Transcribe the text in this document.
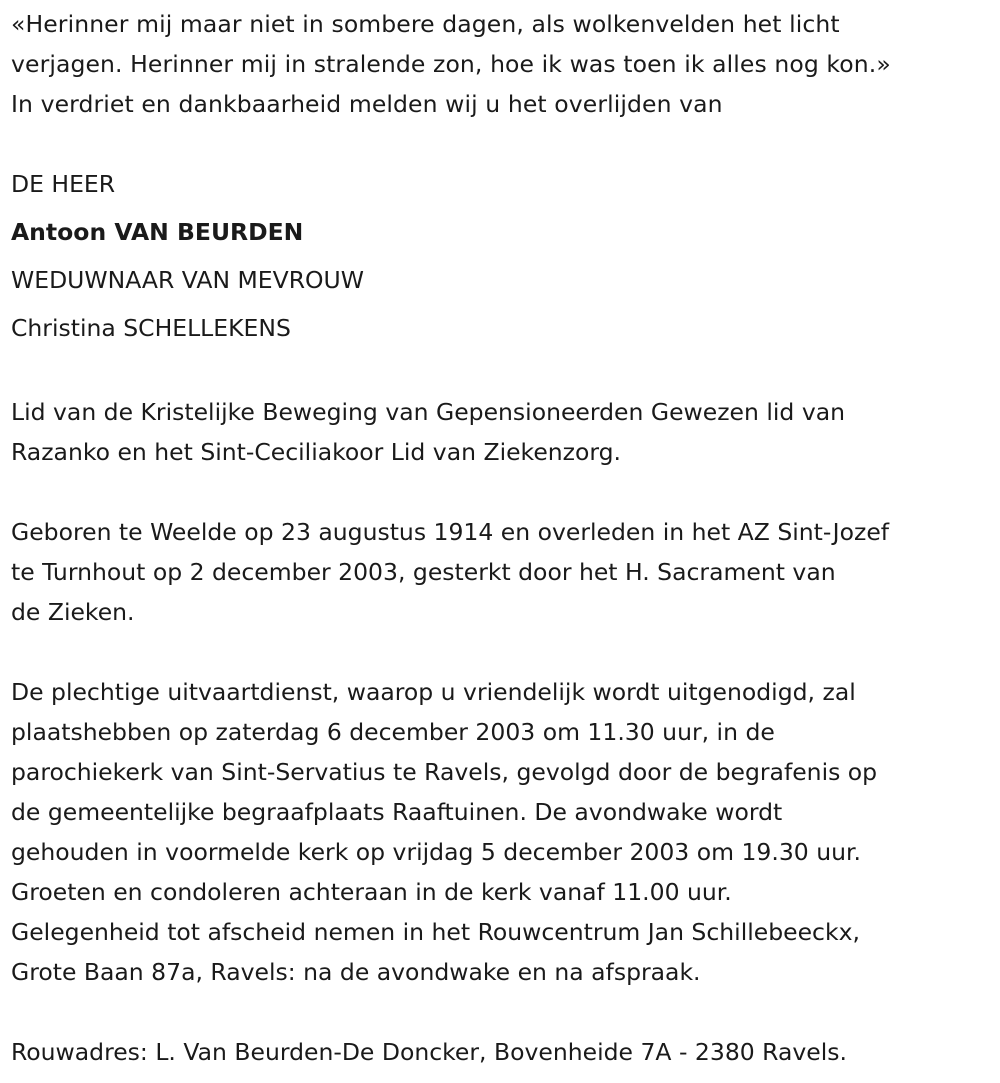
«Herinner mij maar niet in sombere dagen, als wolkenvelden het licht
verjagen. Herinner mij in stralende zon, hoe ik was toen ik alles nog kon.»
In verdriet en dankbaarheid melden wij u het overlijden van
DE HEER
Antoon VAN BEURDEN
WEDUWNAAR VAN MEVROUW
Christina SCHELLEKENS
Lid van de Kristelijke Beweging van Gepensioneerden Gewezen lid van
Razanko en het Sint-Ceciliakoor Lid van Ziekenzorg.
Geboren te Weelde op 23 augustus 1914 en overleden in het AZ Sint-Jozef
te Turnhout op 2 december 2003, gesterkt door het H. Sacrament van
de Zieken.
De plechtige uitvaartdienst, waarop u vriendelijk wordt uitgenodigd, zal
plaatshebben op zaterdag 6 december 2003 om 11.30 uur, in de
parochiekerk van Sint-Servatius te Ravels, gevolgd door de begrafenis op
de gemeentelijke begraafplaats Raaftuinen. De avondwake wordt
gehouden in voormelde kerk op vrijdag 5 december 2003 om 19.30 uur.
Groeten en condoleren achteraan in de kerk vanaf 11.00 uur.
Gelegenheid tot afscheid nemen in het Rouwcentrum Jan Schillebeeckx,
Grote Baan 87a, Ravels: na de avondwake en na afspraak.
Rouwadres: L. Van Beurden-De Doncker, Bovenheide 7A - 2380 Ravels.
